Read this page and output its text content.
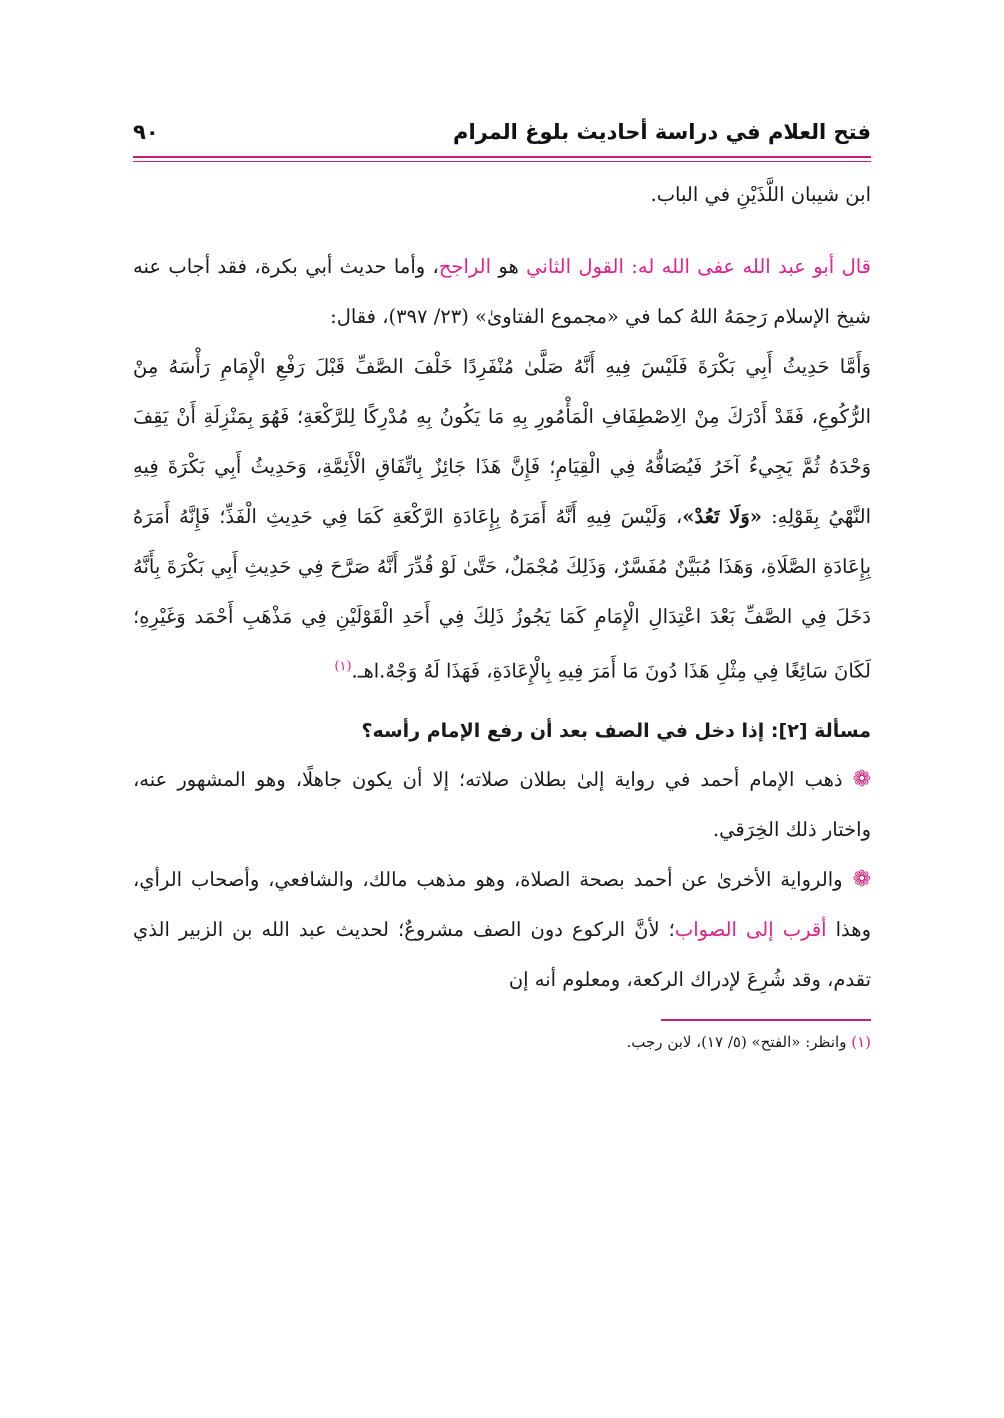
فتح العلام في دراسة أحاديث بلوغ المرام
٩٠

ابن شيبان اللَّذَيْنِ في الباب.

قال أبو عبد الله عفى الله له: القول الثاني هو الراجح، وأما حديث أبي بكرة، فقد أجاب عنه شيخ الإسلام رَحِمَهُ اللهُ كما في «مجموع الفتاوىٰ» (٢٣/ ٣٩٧)، فقال:

وَأَمَّا حَدِيثُ أَبِي بَكْرَةَ فَلَيْسَ فِيهِ أَنَّهُ صَلَّىٰ مُنْفَرِدًا خَلْفَ الصَّفِّ قَبْلَ رَفْعِ الْإِمَامِ رَأْسَهُ مِنْ الرُّكُوعِ، فَقَدْ أَدْرَكَ مِنْ الِاصْطِفَافِ الْمَأْمُورِ بِهِ مَا يَكُونُ بِهِ مُدْرِكًا لِلرَّكْعَةِ؛ فَهُوَ بِمَنْزِلَةِ أَنْ يَقِفَ وَحْدَهُ ثُمَّ يَجِيءُ آخَرُ فَيُصَافُّهُ فِي الْقِيَامِ؛ فَإِنَّ هَذَا جَائِزٌ بِاتِّفَاقِ الْأَئِمَّةِ، وَحَدِيثُ أَبِي بَكْرَةَ فِيهِ النَّهْيُ بِقَوْلِهِ: «وَلَا تَعُدْ»، وَلَيْسَ فِيهِ أَنَّهُ أَمَرَهُ بِإِعَادَةِ الرَّكْعَةِ كَمَا فِي حَدِيثِ الْفَذِّ؛ فَإِنَّهُ أَمَرَهُ بِإِعَادَةِ الصَّلَاةِ، وَهَذَا مُبَيَّنٌ مُفَسَّرٌ، وَذَلِكَ مُجْمَلٌ، حَتَّىٰ لَوْ قُدِّرَ أَنَّهُ صَرَّحَ فِي حَدِيثِ أَبِي بَكْرَةَ بِأَنَّهُ دَخَلَ فِي الصَّفِّ بَعْدَ اعْتِدَالِ الْإِمَامِ كَمَا يَجُوزُ ذَلِكَ فِي أَحَدِ الْقَوْلَيْنِ فِي مَذْهَبِ أَحْمَد وَغَيْرِهِ؛ لَكَانَ سَائِغًا فِي مِثْلِ هَذَا دُونَ مَا أَمَرَ فِيهِ بِالْإِعَادَةِ، فَهَذَا لَهُ وَجْهٌ.اهـ.$^{(١)}$

مسألة [٢]: إذا دخل في الصف بعد أن رفع الإمام رأسه؟

❁ذهب الإمام أحمد في رواية إلىٰ بطلان صلاته؛ إلا أن يكون جاهلًا، وهو المشهور عنه، واختار ذلك الخِرَقي.

❁والرواية الأخرىٰ عن أحمد بصحة الصلاة، وهو مذهب مالك، والشافعي، وأصحاب الرأي، وهذا أقرب إلى الصواب؛ لأنَّ الركوع دون الصف مشروعٌ؛ لحديث عبد الله بن الزبير الذي تقدم، وقد شُرِعَ لإدراك الركعة، ومعلوم أنه إن

(١) وانظر: «الفتح» (٥/ ١٧)، لابن رجب.
